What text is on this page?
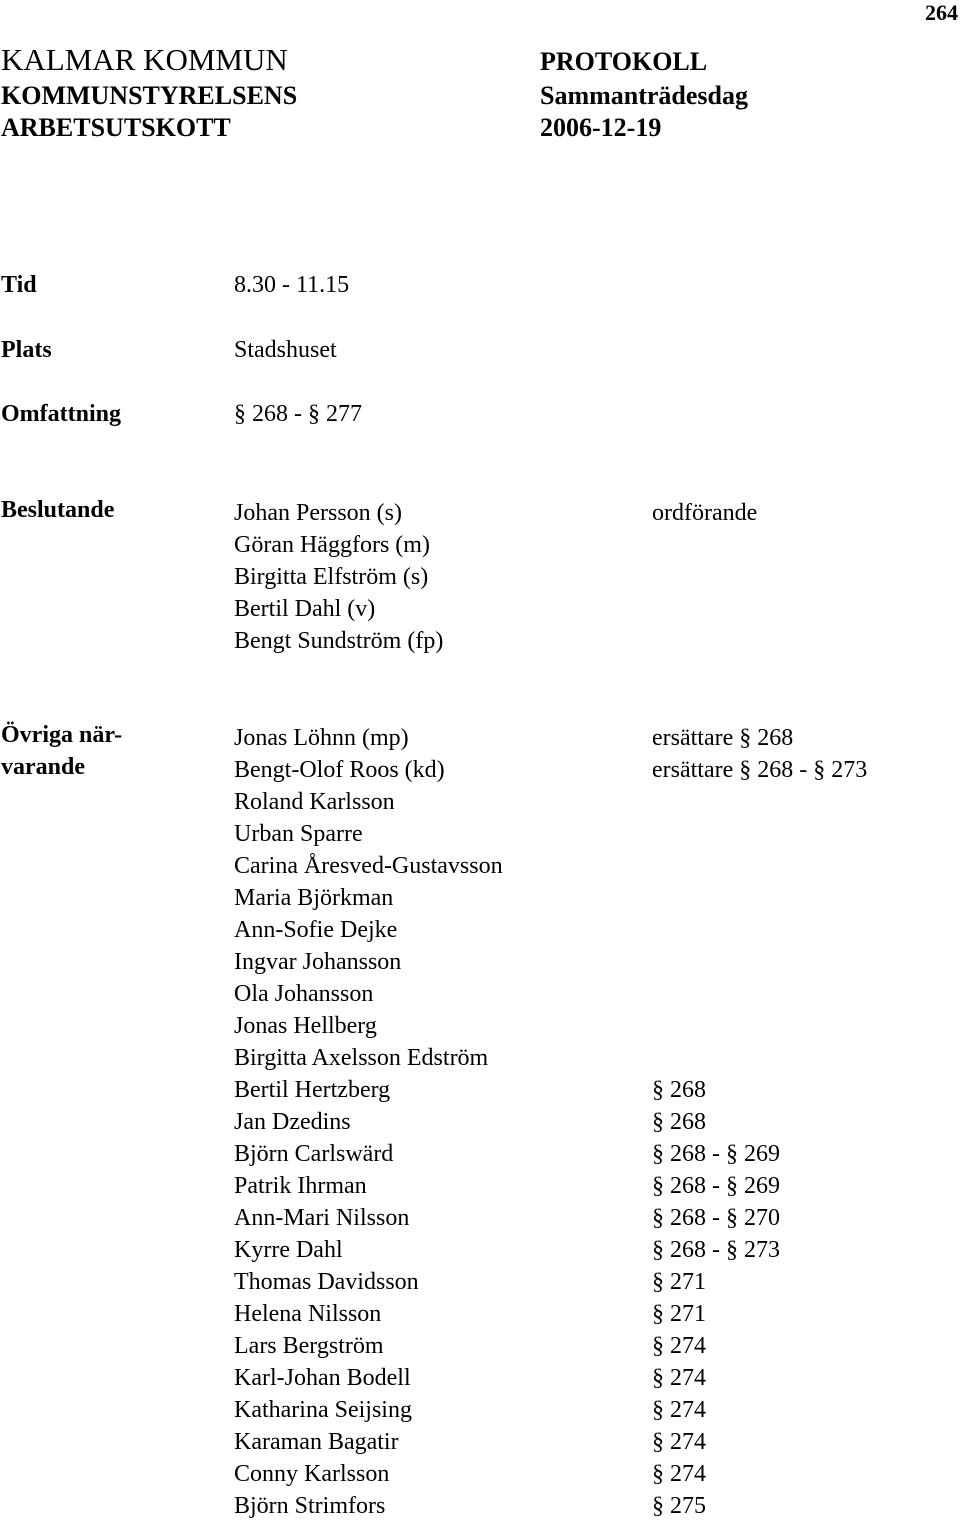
264
KALMAR KOMMUN
KOMMUNSTYRELSENS
ARBETSUTSKOTT
PROTOKOLL
Sammanträdesdag
2006-12-19
Tid	8.30 - 11.15
Plats	Stadshuset
Omfattning	§ 268 - § 277
Beslutande	Johan Persson (s)	ordförande
Göran Häggfors (m)
Birgitta Elfström (s)
Bertil Dahl (v)
Bengt Sundström (fp)
Övriga när-
varande
Jonas Löhnn (mp)	ersättare § 268
Bengt-Olof Roos (kd)	ersättare § 268 - § 273
Roland Karlsson
Urban Sparre
Carina Åresved-Gustavsson
Maria Björkman
Ann-Sofie Dejke
Ingvar Johansson
Ola Johansson
Jonas Hellberg
Birgitta Axelsson Edström
Bertil Hertzberg	§ 268
Jan Dzedins	§ 268
Björn Carlswärd	§ 268 - § 269
Patrik Ihrman	§ 268 - § 269
Ann-Mari Nilsson	§ 268 - § 270
Kyrre Dahl	§ 268 - § 273
Thomas Davidsson	§ 271
Helena Nilsson	§ 271
Lars Bergström	§ 274
Karl-Johan Bodell	§ 274
Katharina Seijsing	§ 274
Karaman Bagatir	§ 274
Conny Karlsson	§ 274
Björn Strimfors	§ 275
